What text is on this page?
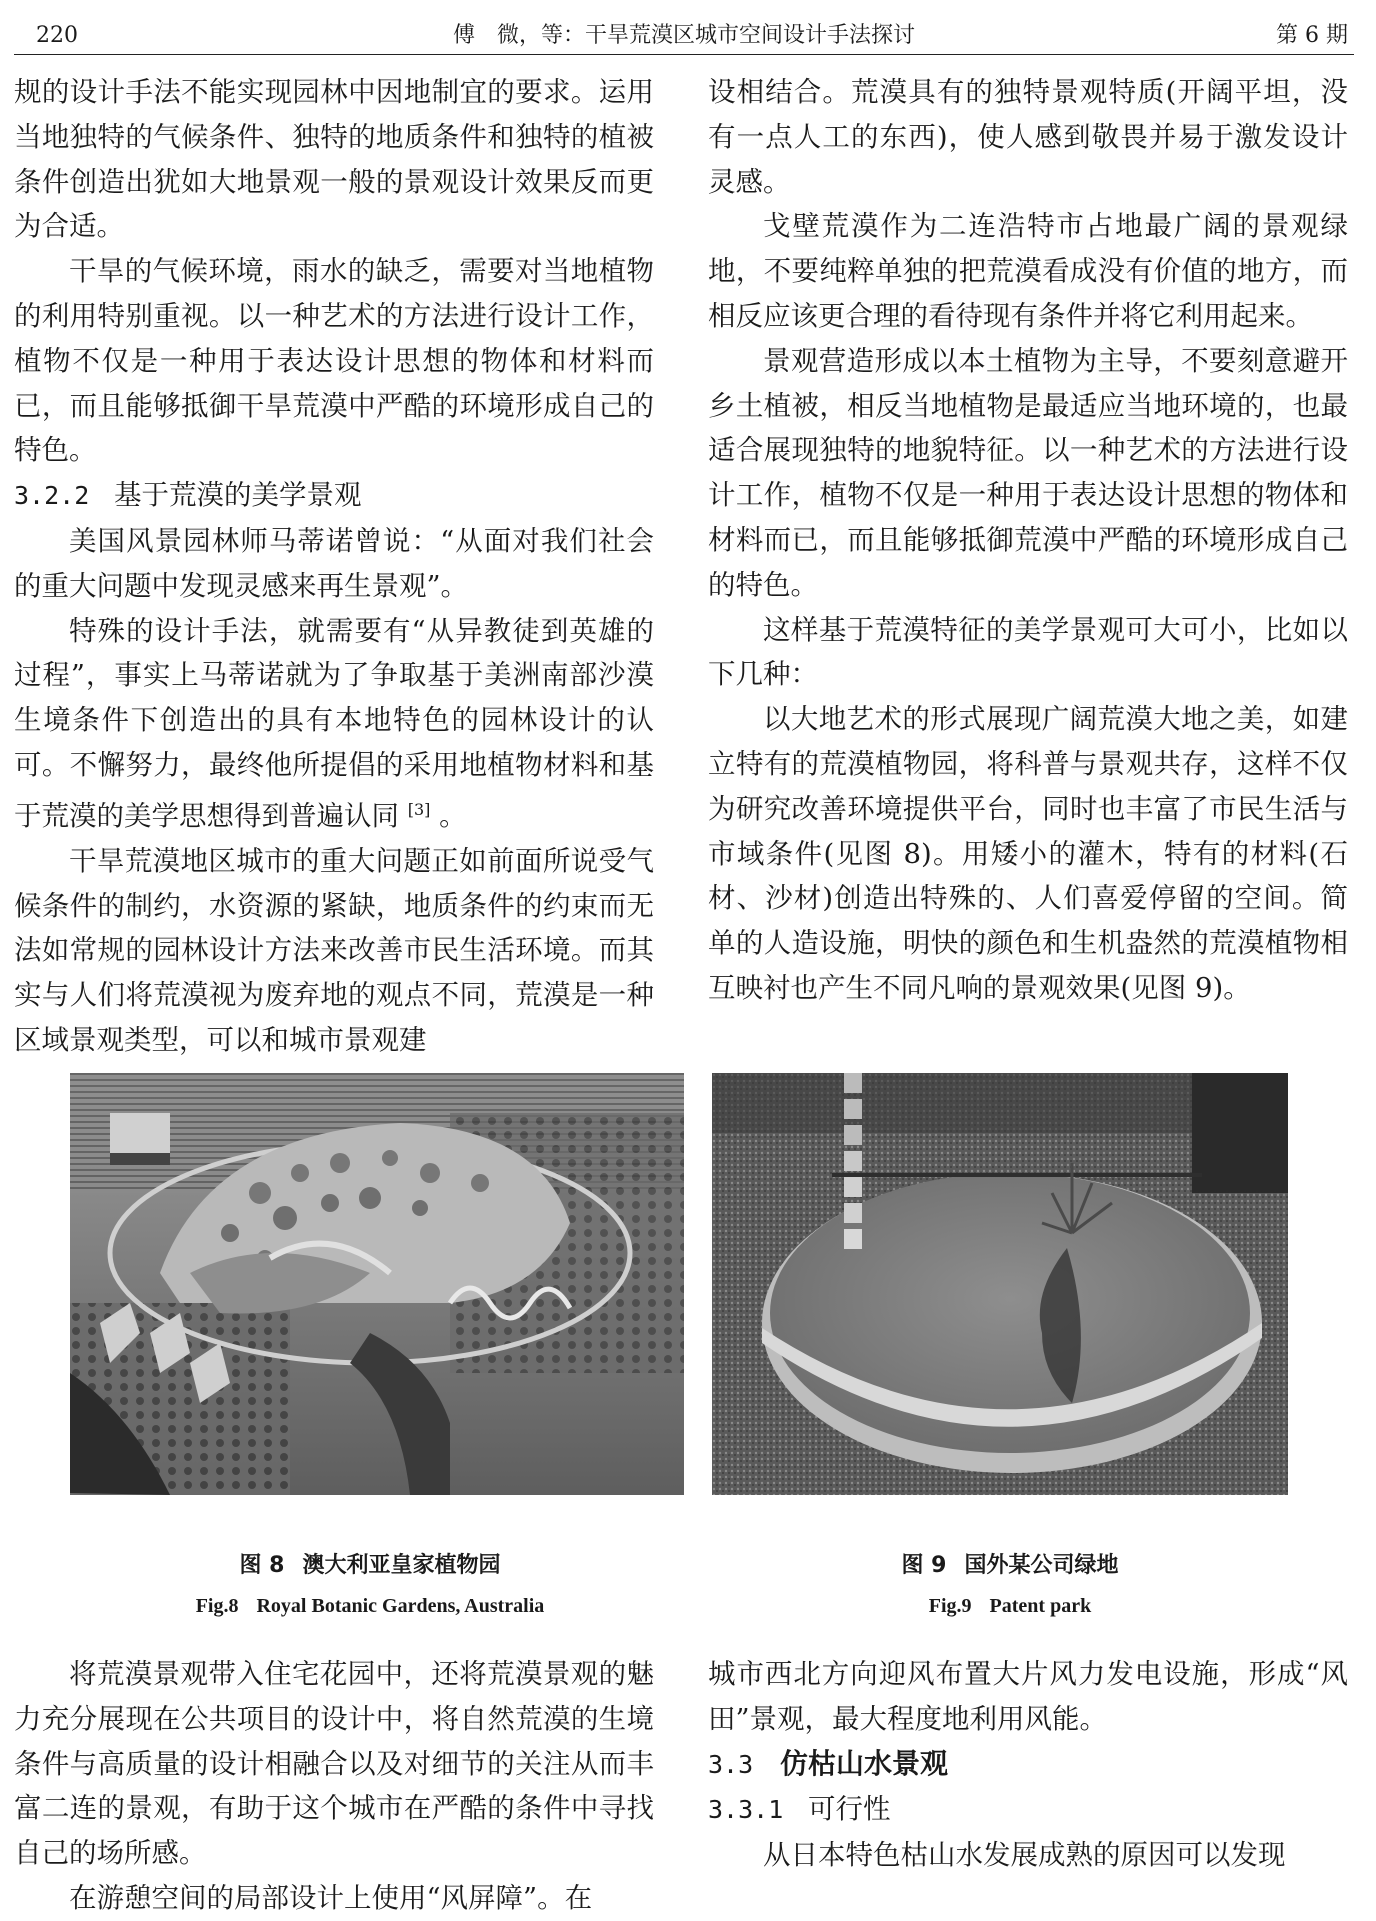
220	傅　微，等：干旱荒漠区城市空间设计手法探讨	第 6 期

规的设计手法不能实现园林中因地制宜的要求。运用当地独特的气候条件、独特的地质条件和独特的植被条件创造出犹如大地景观一般的景观设计效果反而更为合适。

干旱的气候环境，雨水的缺乏，需要对当地植物的利用特别重视。以一种艺术的方法进行设计工作，植物不仅是一种用于表达设计思想的物体和材料而已，而且能够抵御干旱荒漠中严酷的环境形成自己的特色。

3.2.2 基于荒漠的美学景观

美国风景园林师马蒂诺曾说：“从面对我们社会的重大问题中发现灵感来再生景观”。

特殊的设计手法，就需要有“从异教徒到英雄的过程”，事实上马蒂诺就为了争取基于美洲南部沙漠生境条件下创造出的具有本地特色的园林设计的认可。不懈努力，最终他所提倡的采用地植物材料和基于荒漠的美学思想得到普遍认同 [3] 。

干旱荒漠地区城市的重大问题正如前面所说受气候条件的制约，水资源的紧缺，地质条件的约束而无法如常规的园林设计方法来改善市民生活环境。而其实与人们将荒漠视为废弃地的观点不同，荒漠是一种区域景观类型，可以和城市景观建

设相结合。荒漠具有的独特景观特质(开阔平坦，没有一点人工的东西)，使人感到敬畏并易于激发设计灵感。

戈壁荒漠作为二连浩特市占地最广阔的景观绿地，不要纯粹单独的把荒漠看成没有价值的地方，而相反应该更合理的看待现有条件并将它利用起来。

景观营造形成以本土植物为主导，不要刻意避开乡土植被，相反当地植物是最适应当地环境的，也最适合展现独特的地貌特征。以一种艺术的方法进行设计工作，植物不仅是一种用于表达设计思想的物体和材料而已，而且能够抵御荒漠中严酷的环境形成自己的特色。

这样基于荒漠特征的美学景观可大可小，比如以下几种：

以大地艺术的形式展现广阔荒漠大地之美，如建立特有的荒漠植物园，将科普与景观共存，这样不仅为研究改善环境提供平台，同时也丰富了市民生活与市域条件(见图 8)。用矮小的灌木，特有的材料(石材、沙材)创造出特殊的、人们喜爱停留的空间。简单的人造设施，明快的颜色和生机盎然的荒漠植物相互映衬也产生不同凡响的景观效果(见图 9)。

图 8 澳大利亚皇家植物园
Fig.8 Royal Botanic Gardens, Australia
图 9 国外某公司绿地
Fig.9 Patent park

将荒漠景观带入住宅花园中，还将荒漠景观的魅力充分展现在公共项目的设计中，将自然荒漠的生境条件与高质量的设计相融合以及对细节的关注从而丰富二连的景观，有助于这个城市在严酷的条件中寻找自己的场所感。

在游憩空间的局部设计上使用“风屏障”。在

城市西北方向迎风布置大片风力发电设施，形成“风田”景观，最大程度地利用风能。

3.3 仿枯山水景观

3.3.1 可行性

从日本特色枯山水发展成熟的原因可以发现
